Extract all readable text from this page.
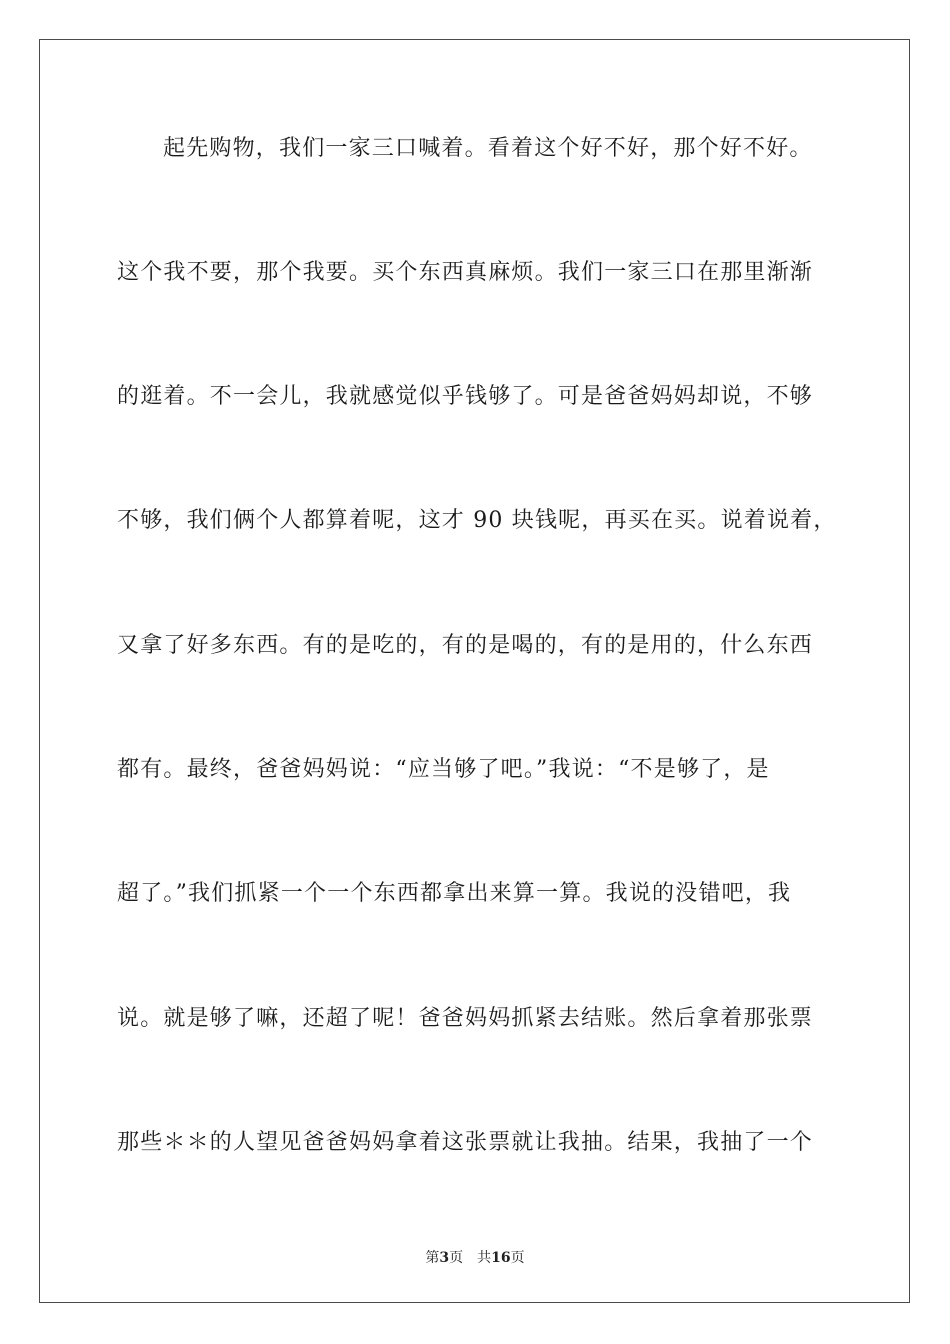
起先购物，我们一家三口喊着。看着这个好不好，那个好不好。
这个我不要，那个我要。买个东西真麻烦。我们一家三口在那里渐渐
的逛着。不一会儿，我就感觉似乎钱够了。可是爸爸妈妈却说，不够
不够，我们俩个人都算着呢，这才 90 块钱呢，再买在买。说着说着，
又拿了好多东西。有的是吃的，有的是喝的，有的是用的，什么东西
都有。最终，爸爸妈妈说：“应当够了吧。”我说：“不是够了，是
超了。”我们抓紧一个一个东西都拿出来算一算。我说的没错吧，我
说。就是够了嘛，还超了呢！爸爸妈妈抓紧去结账。然后拿着那张票
那些＊＊的人望见爸爸妈妈拿着这张票就让我抽。结果，我抽了一个
第3页 共16页
